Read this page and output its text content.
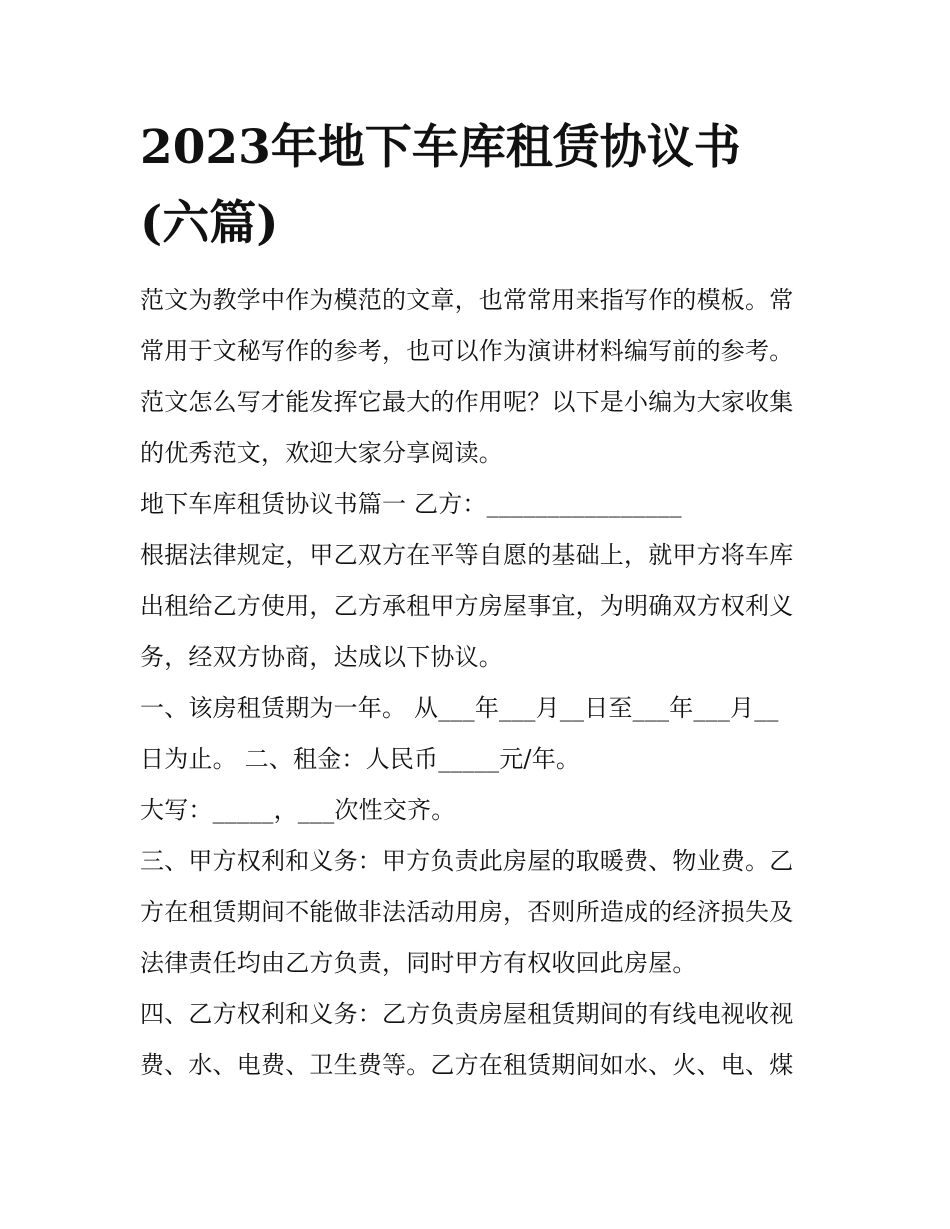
2023年地下车库租赁协议书
(六篇)

范文为教学中作为模范的文章，也常常用来指写作的模板。常

常用于文秘写作的参考，也可以作为演讲材料编写前的参考。

范文怎么写才能发挥它最大的作用呢？以下是小编为大家收集

的优秀范文，欢迎大家分享阅读。

地下车库租赁协议书篇一 乙方：________________

根据法律规定，甲乙双方在平等自愿的基础上，就甲方将车库

出租给乙方使用，乙方承租甲方房屋事宜，为明确双方权利义

务，经双方协商，达成以下协议。

一、该房租赁期为一年。 从___年___月__日至___年___月__

日为止。 二、租金：人民币_____元/年。

大写：_____，___次性交齐。

三、甲方权利和义务：甲方负责此房屋的取暖费、物业费。乙

方在租赁期间不能做非法活动用房，否则所造成的经济损失及

法律责任均由乙方负责，同时甲方有权收回此房屋。

四、乙方权利和义务：乙方负责房屋租赁期间的有线电视收视

费、水、电费、卫生费等。乙方在租赁期间如水、火、电、煤
